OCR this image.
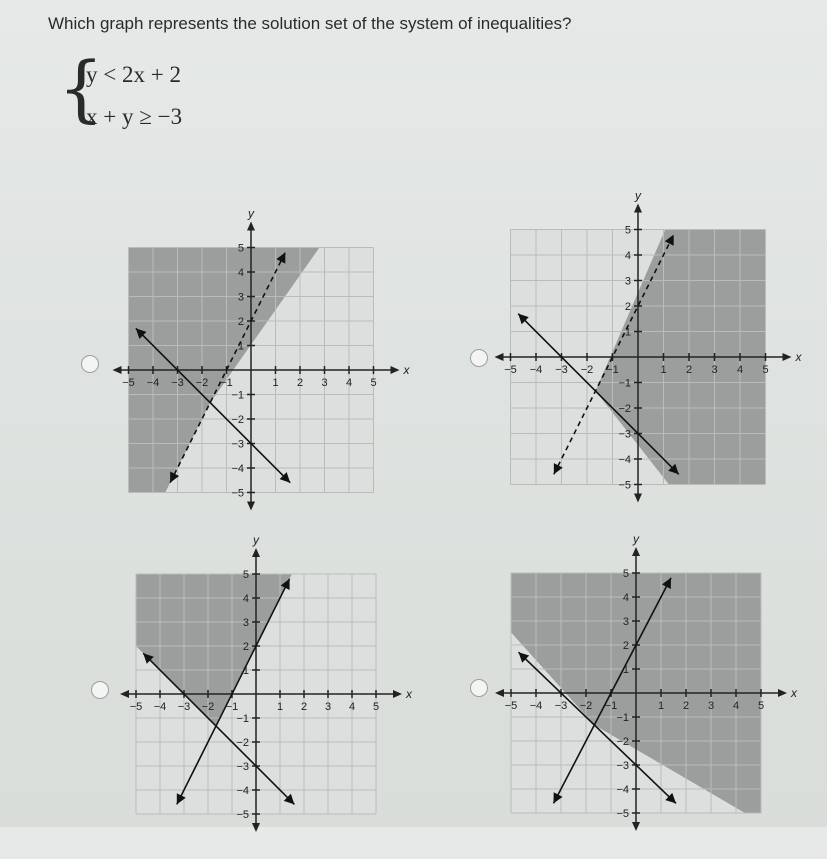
Which graph represents the solution set of the system of inequalities?
{
y < 2x + 2
x + y ≥ −3
x
y
−5 −4 −3 −2 −1	1 2 3 4 5
5
4
3
2
1
−1
−2
−3
−4
−5
x
y
−5 −4 −3 −2 −1	1 2 3 4 5
5
4
3
2
1
−1
−2
−3
−4
−5
x
y
−5 −4 −3 −2 −1	1 2 3 4 5
5
4
3
2
1
−1
−2
−3
−4
−5
x
y
−5 −4 −3 −2 −1	1 2 3 4 5
5
4
3
2
1
−1
−2
−3
−4
−5
